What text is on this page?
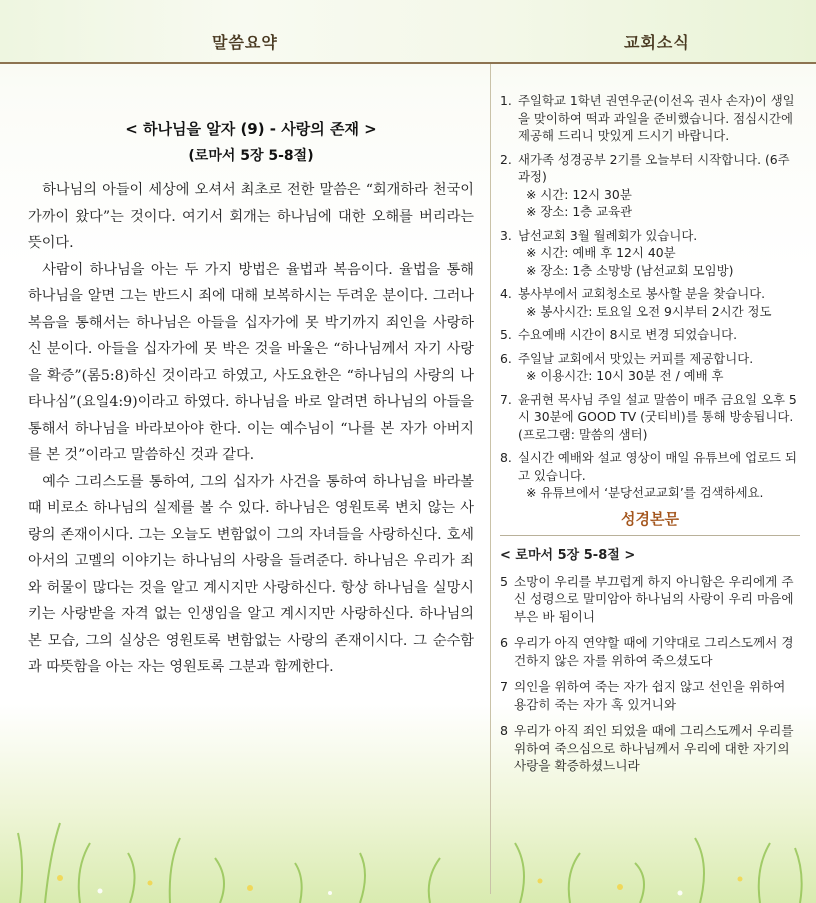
말씀요약	교회소식

< 하나님을 알자 (9) - 사랑의 존재 >

(로마서 5장 5-8절)

하나님의 아들이 세상에 오셔서 최초로 전한 말씀은 “회개하라 천국이 가까이 왔다”는 것이다. 여기서 회개는 하나님에 대한 오해를 버리라는 뜻이다.

사람이 하나님을 아는 두 가지 방법은 율법과 복음이다. 율법을 통해 하나님을 알면 그는 반드시 죄에 대해 보복하시는 두려운 분이다. 그러나 복음을 통해서는 하나님은 아들을 십자가에 못 박기까지 죄인을 사랑하신 분이다. 아들을 십자가에 못 박은 것을 바울은 “하나님께서 자기 사랑을 확증”(롬5:8)하신 것이라고 하였고, 사도요한은 “하나님의 사랑의 나타나심”(요일4:9)이라고 하였다. 하나님을 바로 알려면 하나님의 아들을 통해서 하나님을 바라보아야 한다. 이는 예수님이 “나를 본 자가 아버지를 본 것”이라고 말씀하신 것과 같다.

예수 그리스도를 통하여, 그의 십자가 사건을 통하여 하나님을 바라볼 때 비로소 하나님의 실제를 볼 수 있다. 하나님은 영원토록 변치 않는 사랑의 존재이시다. 그는 오늘도 변함없이 그의 자녀들을 사랑하신다. 호세아서의 고멜의 이야기는 하나님의 사랑을 들려준다. 하나님은 우리가 죄와 허물이 많다는 것을 알고 계시지만 사랑하신다. 항상 하나님을 실망시키는 사랑받을 자격 없는 인생임을 알고 계시지만 사랑하신다. 하나님의 본 모습, 그의 실상은 영원토록 변함없는 사랑의 존재이시다. 그 순수함과 따뜻함을 아는 자는 영원토록 그분과 함께한다.

1. 주일학교 1학년 권연우군(이선옥 권사 손자)이 생일을 맞이하여 떡과 과일을 준비했습니다. 점심시간에 제공해 드리니 맛있게 드시기 바랍니다.
2. 새가족 성경공부 2기를 오늘부터 시작합니다. (6주 과정)
※ 시간: 12시 30분
※ 장소: 1층 교육관
3. 남선교회 3월 월례회가 있습니다.
※ 시간: 예배 후 12시 40분
※ 장소: 1층 소망방 (남선교회 모임방)
4. 봉사부에서 교회청소로 봉사할 분을 찾습니다.
※ 봉사시간: 토요일 오전 9시부터 2시간 정도
5. 수요예배 시간이 8시로 변경 되었습니다.
6. 주일날 교회에서 맛있는 커피를 제공합니다.
※ 이용시간: 10시 30분 전 / 예배 후
7. 윤귀현 목사님 주일 설교 말씀이 매주 금요일 오후 5시 30분에 GOOD TV (굿티비)를 통해 방송됩니다. (프로그램: 말씀의 샘터)
8. 실시간 예배와 설교 영상이 매일 유튜브에 업로드 되고 있습니다.
※ 유튜브에서 ‘분당선교교회’를 검색하세요.

성경본문

< 로마서 5장 5-8절 >

5 소망이 우리를 부끄럽게 하지 아니함은 우리에게 주신 성령으로 말미암아 하나님의 사랑이 우리 마음에 부은 바 됨이니
6 우리가 아직 연약할 때에 기약대로 그리스도께서 경건하지 않은 자를 위하여 죽으셨도다
7 의인을 위하여 죽는 자가 쉽지 않고 선인을 위하여 용감히 죽는 자가 혹 있거니와
8 우리가 아직 죄인 되었을 때에 그리스도께서 우리를 위하여 죽으심으로 하나님께서 우리에 대한 자기의 사랑을 확증하셨느니라
